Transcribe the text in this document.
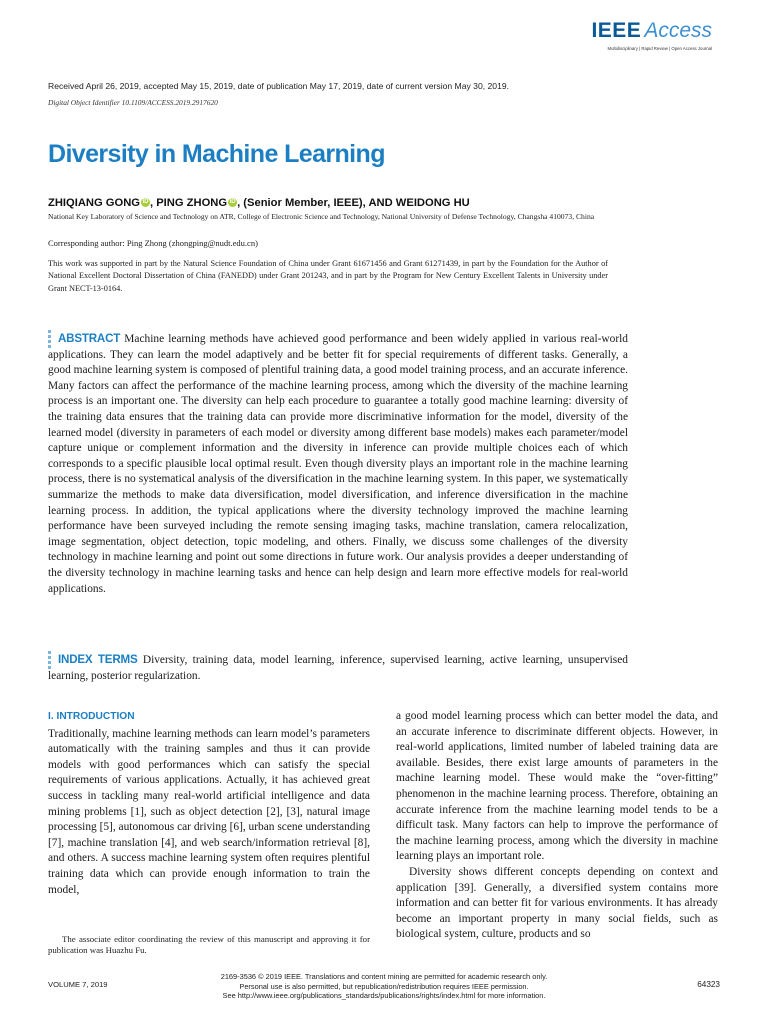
IEEE Access
Multidisciplinary | Rapid Review | Open Access Journal
Received April 26, 2019, accepted May 15, 2019, date of publication May 17, 2019, date of current version May 30, 2019.
Digital Object Identifier 10.1109/ACCESS.2019.2917620
Diversity in Machine Learning
ZHIQIANG GONG iD , PING ZHONG iD , (Senior Member, IEEE), AND WEIDONG HU
National Key Laboratory of Science and Technology on ATR, College of Electronic Science and Technology, National University of Defense Technology, Changsha 410073, China
Corresponding author: Ping Zhong (zhongping@nudt.edu.cn)
This work was supported in part by the Natural Science Foundation of China under Grant 61671456 and Grant 61271439, in part by the Foundation for the Author of National Excellent Doctoral Dissertation of China (FANEDD) under Grant 201243, and in part by the Program for New Century Excellent Talents in University under Grant NECT-13-0164.
ABSTRACT Machine learning methods have achieved good performance and been widely applied in various real-world applications. They can learn the model adaptively and be better fit for special requirements of different tasks. Generally, a good machine learning system is composed of plentiful training data, a good model training process, and an accurate inference. Many factors can affect the performance of the machine learning process, among which the diversity of the machine learning process is an important one. The diversity can help each procedure to guarantee a totally good machine learning: diversity of the training data ensures that the training data can provide more discriminative information for the model, diversity of the learned model (diversity in parameters of each model or diversity among different base models) makes each parameter/model capture unique or complement information and the diversity in inference can provide multiple choices each of which corresponds to a specific plausible local optimal result. Even though diversity plays an important role in the machine learning process, there is no systematical analysis of the diversification in the machine learning system. In this paper, we systematically summarize the methods to make data diversification, model diversification, and inference diversification in the machine learning process. In addition, the typical applications where the diversity technology improved the machine learning performance have been surveyed including the remote sensing imaging tasks, machine translation, camera relocalization, image segmentation, object detection, topic modeling, and others. Finally, we discuss some challenges of the diversity technology in machine learning and point out some directions in future work. Our analysis provides a deeper understanding of the diversity technology in machine learning tasks and hence can help design and learn more effective models for real-world applications.
INDEX TERMS Diversity, training data, model learning, inference, supervised learning, active learning, unsupervised learning, posterior regularization.
I. INTRODUCTION
Traditionally, machine learning methods can learn model’s parameters automatically with the training samples and thus it can provide models with good performances which can satisfy the special requirements of various applications. Actually, it has achieved great success in tackling many real-world artificial intelligence and data mining problems [1], such as object detection [2], [3], natural image processing [5], autonomous car driving [6], urban scene understanding [7], machine translation [4], and web search/information retrieval [8], and others. A success machine learning system often requires plentiful training data which can provide enough information to train the model,
a good model learning process which can better model the data, and an accurate inference to discriminate different objects. However, in real-world applications, limited number of labeled training data are available. Besides, there exist large amounts of parameters in the machine learning model. These would make the “over-fitting” phenomenon in the machine learning process. Therefore, obtaining an accurate inference from the machine learning model tends to be a difficult task. Many factors can help to improve the performance of the machine learning process, among which the diversity in machine learning plays an important role.
Diversity shows different concepts depending on context and application [39]. Generally, a diversified system contains more information and can better fit for various environments. It has already become an important property in many social fields, such as biological system, culture, products and so
The associate editor coordinating the review of this manuscript and approving it for publication was Huazhu Fu.
VOLUME 7, 2019
2169-3536 © 2019 IEEE. Translations and content mining are permitted for academic research only.
Personal use is also permitted, but republication/redistribution requires IEEE permission.
See http://www.ieee.org/publications_standards/publications/rights/index.html for more information.
64323
